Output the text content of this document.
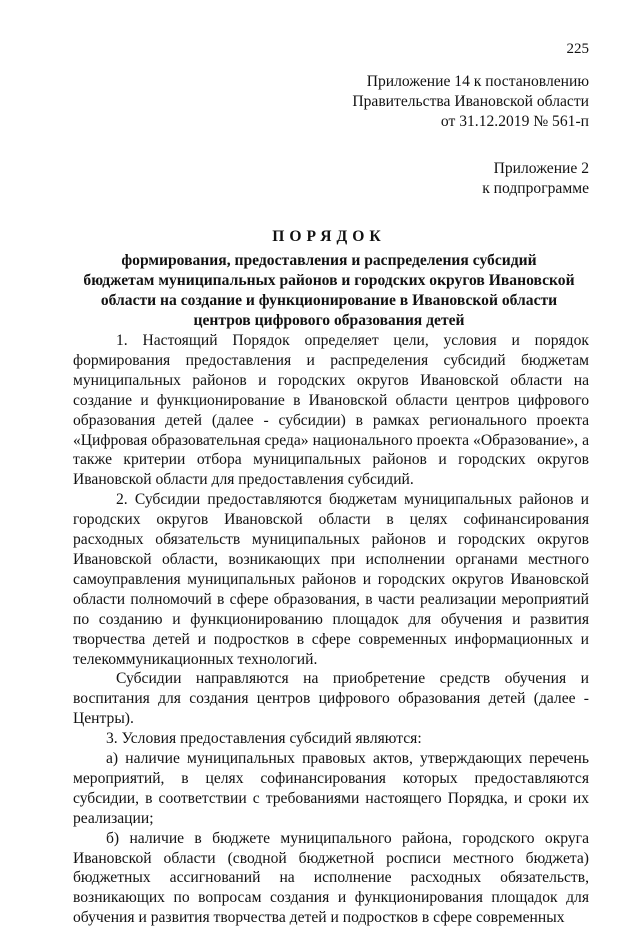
225
Приложение 14 к постановлению
Правительства Ивановской области
от 31.12.2019 № 561-п
Приложение 2
к подпрограмме
ПОРЯДОК
формирования, предоставления и распределения субсидий
бюджетам муниципальных районов и городских округов Ивановской
области на создание и функционирование в Ивановской области
центров цифрового образования детей

1. Настоящий Порядок определяет цели, условия и порядок формирования предоставления и распределения субсидий бюджетам муниципальных районов и городских округов Ивановской области на создание и функционирование в Ивановской области центров цифрового образования детей (далее - субсидии) в рамках регионального проекта «Цифровая образовательная среда» национального проекта «Образование», а также критерии отбора муниципальных районов и городских округов Ивановской области для предоставления субсидий.

2. Субсидии предоставляются бюджетам муниципальных районов и городских округов Ивановской области в целях софинансирования расходных обязательств муниципальных районов и городских округов Ивановской области, возникающих при исполнении органами местного самоуправления муниципальных районов и городских округов Ивановской области полномочий в сфере образования, в части реализации мероприятий по созданию и функционированию площадок для обучения и развития творчества детей и подростков в сфере современных информационных и телекоммуникационных технологий.

Субсидии направляются на приобретение средств обучения и воспитания для создания центров цифрового образования детей (далее - Центры).

3. Условия предоставления субсидий являются:

а) наличие муниципальных правовых актов, утверждающих перечень мероприятий, в целях софинансирования которых предоставляются субсидии, в соответствии с требованиями настоящего Порядка, и сроки их реализации;

б) наличие в бюджете муниципального района, городского округа Ивановской области (сводной бюджетной росписи местного бюджета) бюджетных ассигнований на исполнение расходных обязательств, возникающих по вопросам создания и функционирования площадок для обучения и развития творчества детей и подростков в сфере современных
